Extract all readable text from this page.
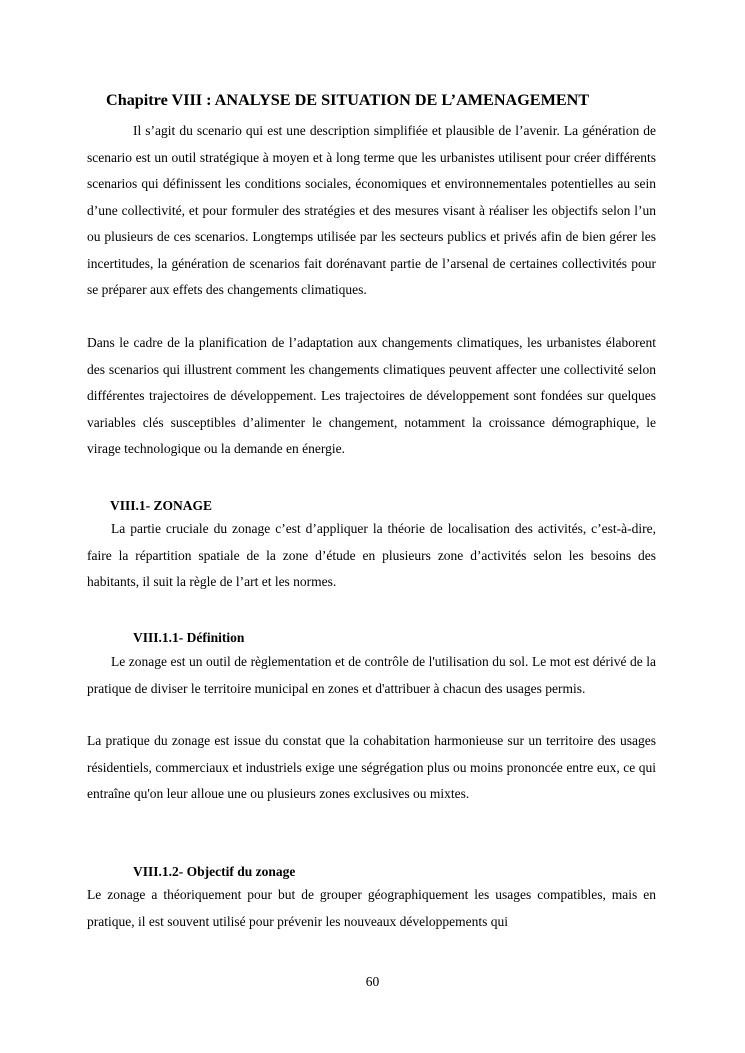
Chapitre VIII : ANALYSE DE SITUATION DE L’AMENAGEMENT

Il s’agit du scenario qui est une description simplifiée et plausible de l’avenir. La génération de scenario est un outil stratégique à moyen et à long terme que les urbanistes utilisent pour créer différents scenarios qui définissent les conditions sociales, économiques et environnementales potentielles au sein d’une collectivité, et pour formuler des stratégies et des mesures visant à réaliser les objectifs selon l’un ou plusieurs de ces scenarios. Longtemps utilisée par les secteurs publics et privés afin de bien gérer les incertitudes, la génération de scenarios fait dorénavant partie de l’arsenal de certaines collectivités pour se préparer aux effets des changements climatiques.

Dans le cadre de la planification de l’adaptation aux changements climatiques, les urbanistes élaborent des scenarios qui illustrent comment les changements climatiques peuvent affecter une collectivité selon différentes trajectoires de développement. Les trajectoires de développement sont fondées sur quelques variables clés susceptibles d’alimenter le changement, notamment la croissance démographique, le virage technologique ou la demande en énergie.

VIII.1- ZONAGE

La partie cruciale du zonage c’est d’appliquer la théorie de localisation des activités, c’est-à-dire, faire la répartition spatiale de la zone d’étude en plusieurs zone d’activités selon les besoins des habitants, il suit la règle de l’art et les normes.

VIII.1.1- Définition

Le zonage est un outil de règlementation et de contrôle de l'utilisation du sol. Le mot est dérivé de la pratique de diviser le territoire municipal en zones et d'attribuer à chacun des usages permis.

La pratique du zonage est issue du constat que la cohabitation harmonieuse sur un territoire des usages résidentiels, commerciaux et industriels exige une ségrégation plus ou moins prononcée entre eux, ce qui entraîne qu'on leur alloue une ou plusieurs zones exclusives ou mixtes.

VIII.1.2- Objectif du zonage

Le zonage a théoriquement pour but de grouper géographiquement les usages compatibles, mais en pratique, il est souvent utilisé pour prévenir les nouveaux développements qui

60
